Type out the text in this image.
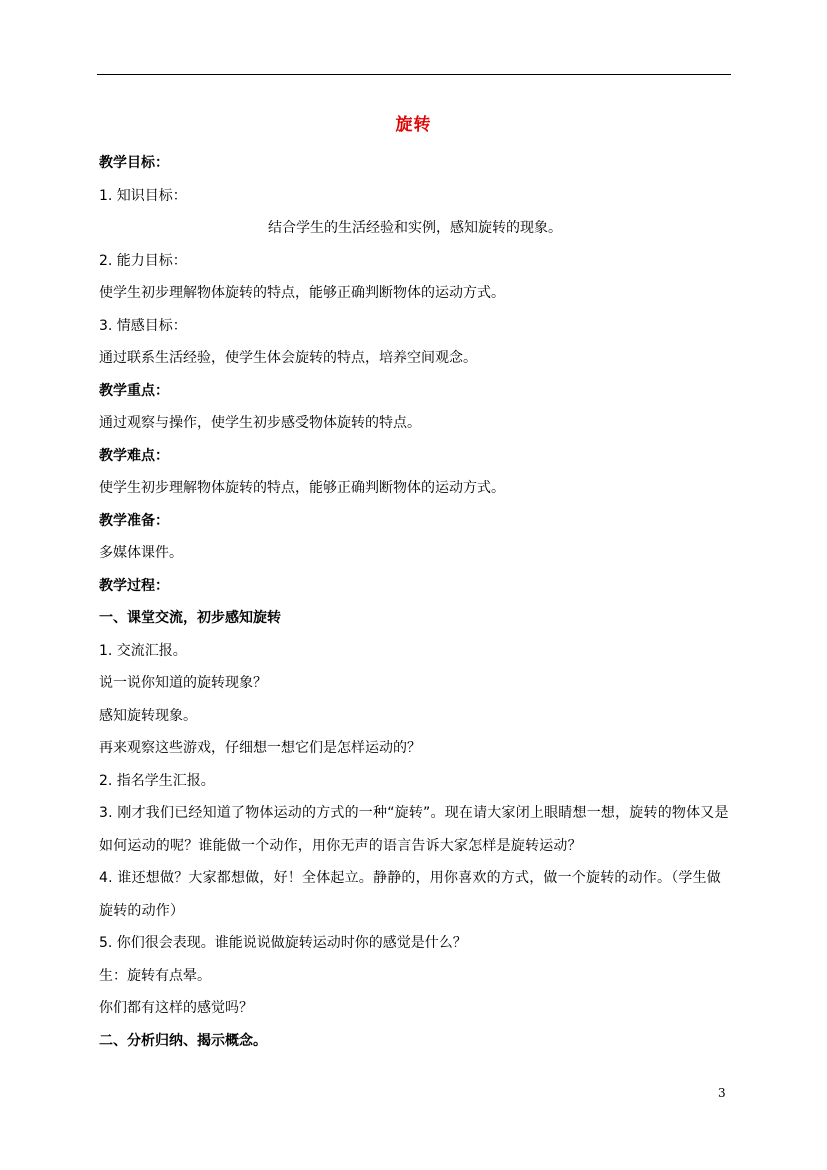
旋转
教学目标：
1. 知识目标：
结合学生的生活经验和实例，感知旋转的现象。
2. 能力目标：
使学生初步理解物体旋转的特点，能够正确判断物体的运动方式。
3. 情感目标：
通过联系生活经验，使学生体会旋转的特点，培养空间观念。
教学重点：
通过观察与操作，使学生初步感受物体旋转的特点。
教学难点：
使学生初步理解物体旋转的特点，能够正确判断物体的运动方式。
教学准备：
多媒体课件。
教学过程：
一、课堂交流，初步感知旋转
1. 交流汇报。
说一说你知道的旋转现象？
感知旋转现象。
再来观察这些游戏，仔细想一想它们是怎样运动的？
2. 指名学生汇报。
3. 刚才我们已经知道了物体运动的方式的一种“旋转”。现在请大家闭上眼睛想一想，旋转的物体又是如何运动的呢？谁能做一个动作，用你无声的语言告诉大家怎样是旋转运动？
4. 谁还想做？大家都想做，好！全体起立。静静的，用你喜欢的方式，做一个旋转的动作。（学生做旋转的动作）
5. 你们很会表现。谁能说说做旋转运动时你的感觉是什么？
生：旋转有点晕。
你们都有这样的感觉吗？
二、分析归纳、揭示概念。
3
